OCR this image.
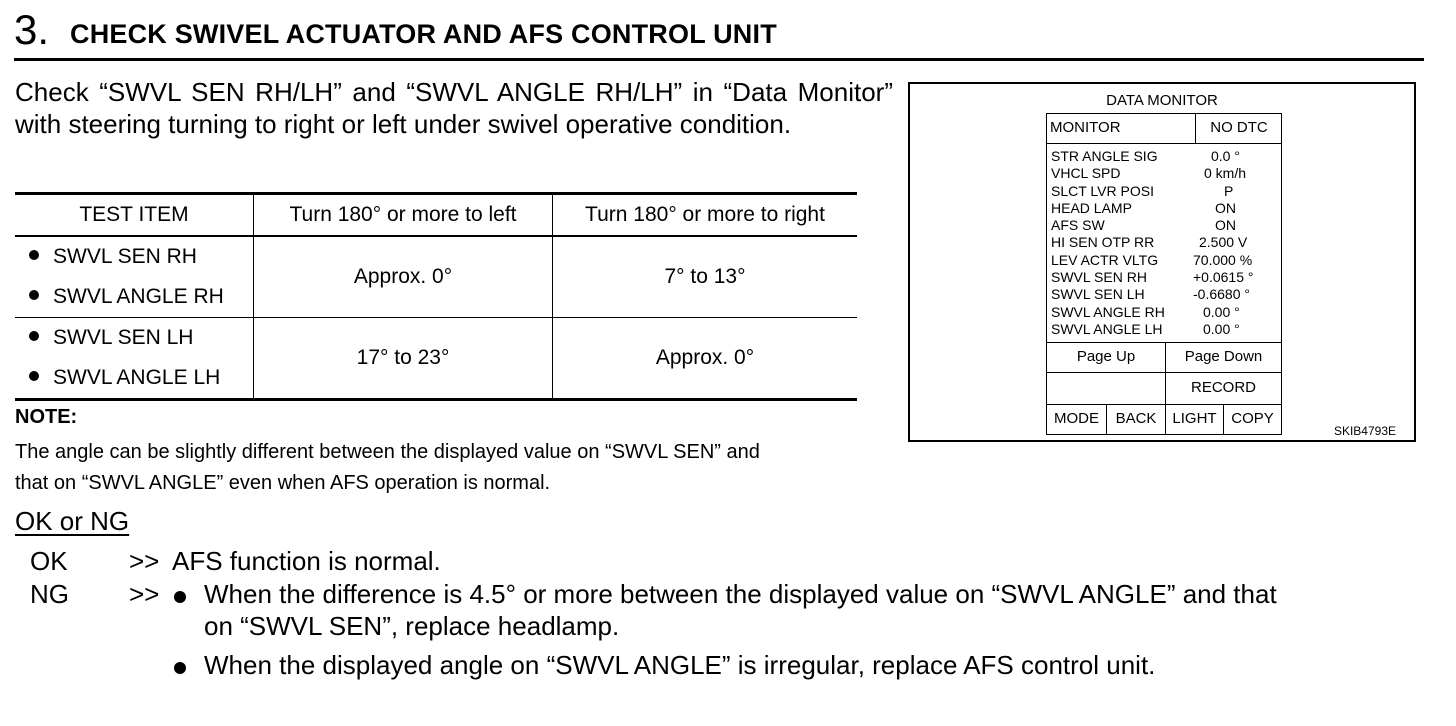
3. CHECK SWIVEL ACTUATOR AND AFS CONTROL UNIT
Check “SWVL SEN RH/LH” and “SWVL ANGLE RH/LH” in “Data Monitor” with steering turning to right or left under swivel operative condition.
TEST ITEM	Turn 180° or more to left	Turn 180° or more to right

SWVL SEN RH
SWVL ANGLE RH	Approx. 0°	7° to 13°

SWVL SEN LH
SWVL ANGLE LH	17° to 23°	Approx. 0°
NOTE:
The angle can be slightly different between the displayed value on “SWVL SEN” and
that on “SWVL ANGLE” even when AFS operation is normal.
DATA MONITOR
SKIB4793E
MONITOR	NO DTC
STR ANGLE SIG	0.0 °
VHCL SPD	0 km/h
SLCT LVR POSI	P
HEAD LAMP	ON
AFS SW	ON
HI SEN OTP RR	2.500 V
LEV ACTR VLTG 70.000 %
SWVL SEN RH	+0.0615 °
SWVL SEN LH	-0.6680 °
SWVL ANGLE RH	0.00 °
SWVL ANGLE LH	0.00 °
Page Up	Page Down
RECORD
MODE	BACK	LIGHT COPY
OK or NG
OK >> AFS function is normal.
NG >> When the difference is 4.5° or more between the displayed value on “SWVL ANGLE” and that
on “SWVL SEN”, replace headlamp.
When the displayed angle on “SWVL ANGLE” is irregular, replace AFS control unit.
